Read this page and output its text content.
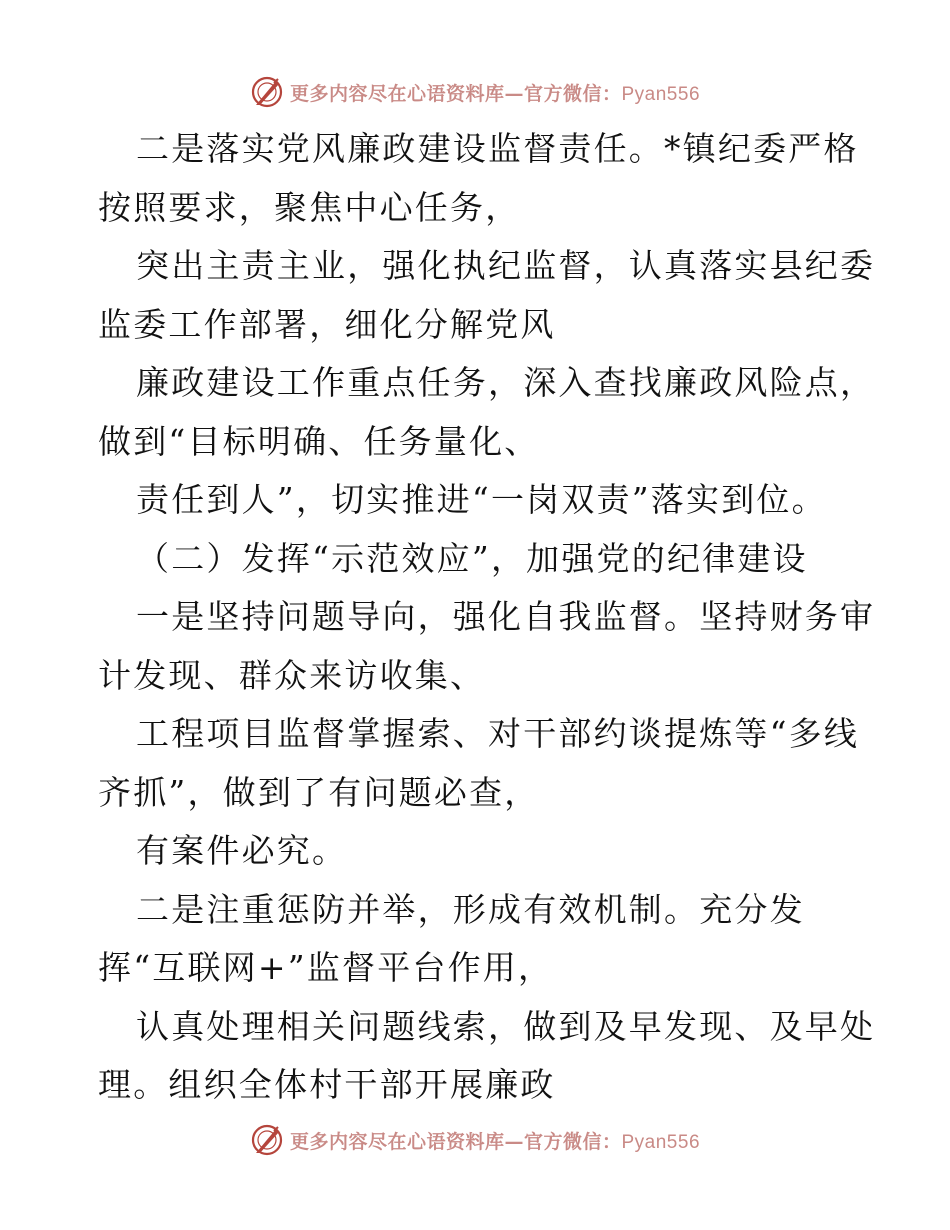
更多内容尽在心语资料库—官方微信：Pyan556
二是落实党风廉政建设监督责任。*镇纪委严格
按照要求，聚焦中心任务，
突出主责主业，强化执纪监督，认真落实县纪委
监委工作部署，细化分解党风
廉政建设工作重点任务，深入查找廉政风险点，
做到“目标明确、任务量化、
责任到人”，切实推进“一岗双责”落实到位。
（二）发挥“示范效应”，加强党的纪律建设
一是坚持问题导向，强化自我监督。坚持财务审
计发现、群众来访收集、
工程项目监督掌握索、对干部约谈提炼等“多线
齐抓”，做到了有问题必查，
有案件必究。
二是注重惩防并举，形成有效机制。充分发
挥“互联网+”监督平台作用，
认真处理相关问题线索，做到及早发现、及早处
理。组织全体村干部开展廉政
更多内容尽在心语资料库—官方微信：Pyan556
